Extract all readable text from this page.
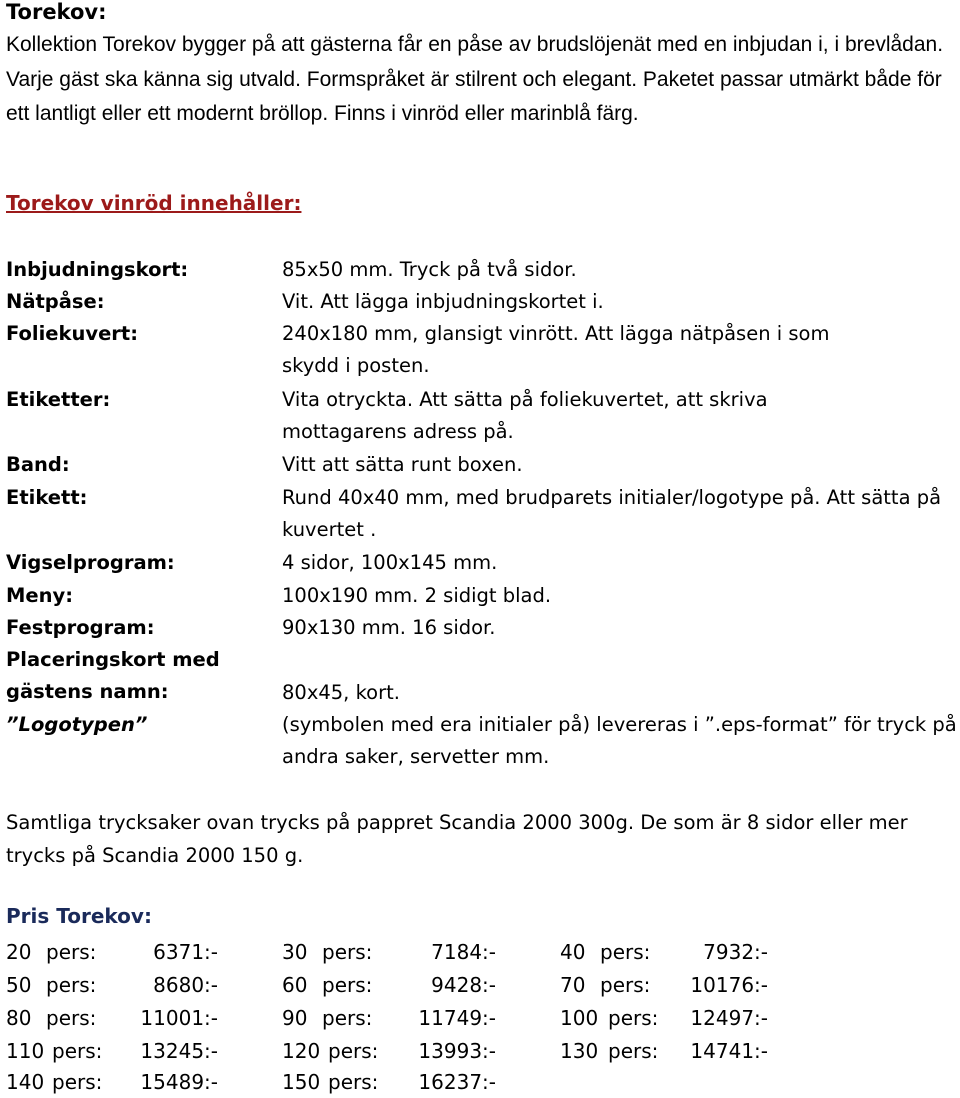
Torekov:
Kollektion Torekov bygger på att gästerna får en påse av brudslöjenät med en inbjudan i, i brevlådan. Varje gäst ska känna sig utvald. Formspråket är stilrent och elegant. Paketet passar utmärkt både för ett lantligt eller ett modernt bröllop. Finns i vinröd eller marinblå färg.
Torekov vinröd innehåller:
Inbjudningskort:	85x50 mm. Tryck på två sidor.
Nätpåse:	Vit. Att lägga inbjudningskortet i.
Foliekuvert:	240x180 mm, glansigt vinrött. Att lägga nätpåsen i som skydd i posten.
Etiketter:	Vita otryckta. Att sätta på foliekuvertet, att skriva mottagarens adress på.
Band:	Vitt att sätta runt boxen.
Etikett:	Rund 40x40 mm, med brudparets initialer/logotype på. Att sätta på kuvertet .
Vigselprogram:	4 sidor, 100x145 mm.
Meny:	100x190 mm. 2 sidigt blad.
Festprogram:	90x130 mm. 16 sidor.
Placeringskort med gästens namn:	80x45, kort.
”Logotypen”	(symbolen med era initialer på) levereras i ”.eps-format” för tryck på andra saker, servetter mm.
Samtliga trycksaker ovan trycks på pappret Scandia 2000 300g. De som är 8 sidor eller mer trycks på Scandia 2000 150 g.
Pris Torekov:
20 pers:	6371:-	30 pers:	7184:-	40 pers:	7932:-
50 pers:	8680:-	60 pers:	9428:-	70 pers:	10176:-
80 pers:	11001:-	90 pers:	11749:-	100 pers:	12497:-
110 pers:	13245:-	120 pers:	13993:-	130 pers:	14741:-
140 pers:	15489:-	150 pers:	16237:-
